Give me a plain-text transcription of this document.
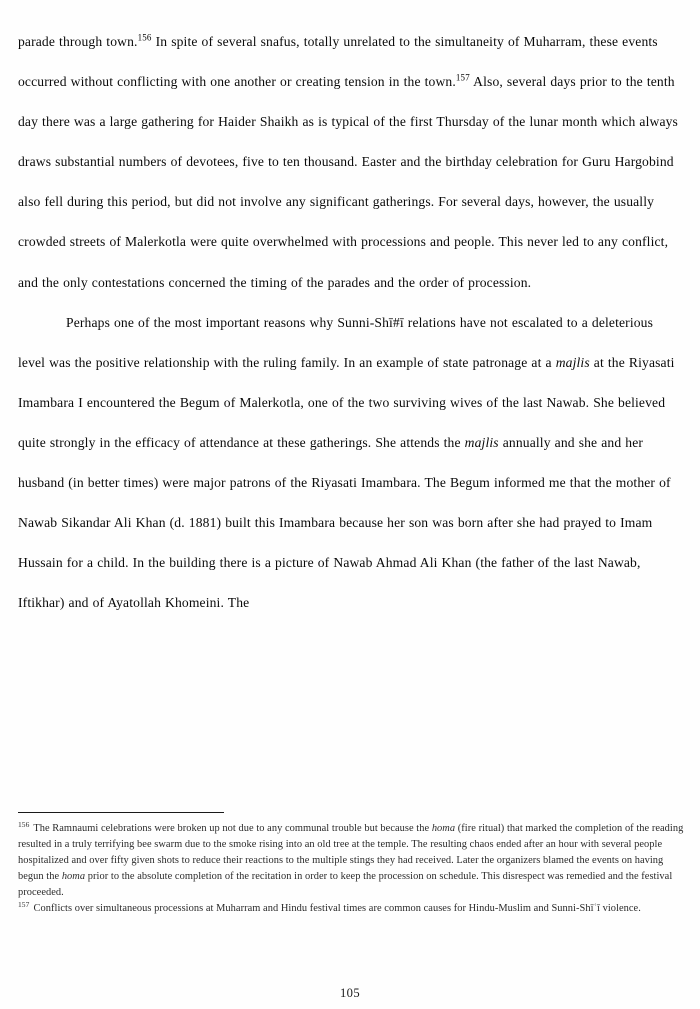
parade through town.$^{156}$ In spite of several snafus, totally unrelated to the simultaneity of Muharram, these events occurred without conflicting with one another or creating tension in the town.$^{157}$ Also, several days prior to the tenth day there was a large gathering for Haider Shaikh as is typical of the first Thursday of the lunar month which always draws substantial numbers of devotees, five to ten thousand. Easter and the birthday celebration for Guru Hargobind also fell during this period, but did not involve any significant gatherings. For several days, however, the usually crowded streets of Malerkotla were quite overwhelmed with processions and people. This never led to any conflict, and the only contestations concerned the timing of the parades and the order of procession.

Perhaps one of the most important reasons why Sunni-Shī#ī relations have not escalated to a deleterious level was the positive relationship with the ruling family. In an example of state patronage at a majlis at the Riyasati Imambara I encountered the Begum of Malerkotla, one of the two surviving wives of the last Nawab. She believed quite strongly in the efficacy of attendance at these gatherings. She attends the majlis annually and she and her husband (in better times) were major patrons of the Riyasati Imambara. The Begum informed me that the mother of Nawab Sikandar Ali Khan (d. 1881) built this Imambara because her son was born after she had prayed to Imam Hussain for a child. In the building there is a picture of Nawab Ahmad Ali Khan (the father of the last Nawab, Iftikhar) and of Ayatollah Khomeini. The

$^{156}$ The Ramnaumi celebrations were broken up not due to any communal trouble but because the homa (fire ritual) that marked the completion of the reading resulted in a truly terrifying bee swarm due to the smoke rising into an old tree at the temple. The resulting chaos ended after an hour with several people hospitalized and over fifty given shots to reduce their reactions to the multiple stings they had received. Later the organizers blamed the events on having begun the homa prior to the absolute completion of the recitation in order to keep the procession on schedule. This disrespect was remedied and the festival proceeded.

$^{157}$ Conflicts over simultaneous processions at Muharram and Hindu festival times are common causes for Hindu-Muslim and Sunni-Shīʿī violence.

105
